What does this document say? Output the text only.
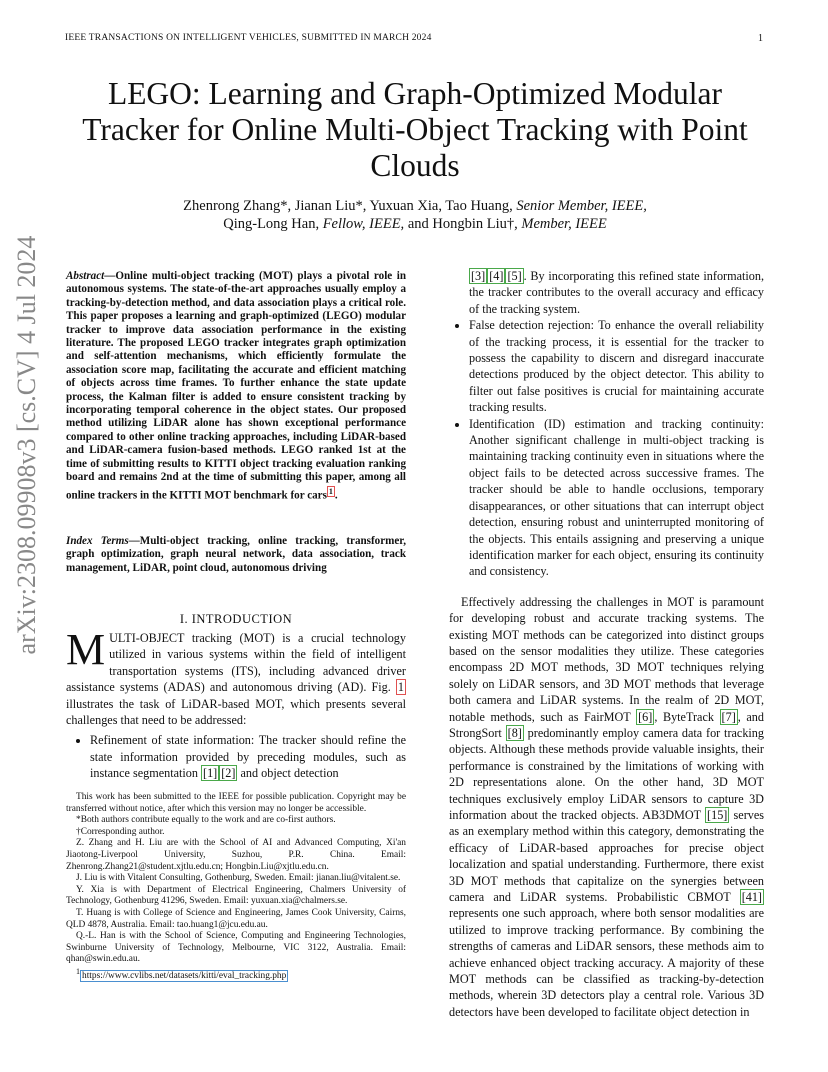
IEEE TRANSACTIONS ON INTELLIGENT VEHICLES, SUBMITTED IN MARCH 2024	1
arXiv:2308.09908v3 [cs.CV] 4 Jul 2024
LEGO: Learning and Graph-Optimized Modular Tracker for Online Multi-Object Tracking with Point Clouds
Zhenrong Zhang*, Jianan Liu*, Yuxuan Xia, Tao Huang, Senior Member, IEEE,
Qing-Long Han, Fellow, IEEE, and Hongbin Liu†, Member, IEEE
Abstract—Online multi-object tracking (MOT) plays a pivotal role in autonomous systems. The state-of-the-art approaches usually employ a tracking-by-detection method, and data association plays a critical role. This paper proposes a learning and graph-optimized (LEGO) modular tracker to improve data association performance in the existing literature. The proposed LEGO tracker integrates graph optimization and self-attention mechanisms, which efficiently formulate the association score map, facilitating the accurate and efficient matching of objects across time frames. To further enhance the state update process, the Kalman filter is added to ensure consistent tracking by incorporating temporal coherence in the object states. Our proposed method utilizing LiDAR alone has shown exceptional performance compared to other online tracking approaches, including LiDAR-based and LiDAR-camera fusion-based methods. LEGO ranked 1st at the time of submitting results to KITTI object tracking evaluation ranking board and remains 2nd at the time of submitting this paper, among all online trackers in the KITTI MOT benchmark for cars $^1$ .
Index Terms—Multi-object tracking, online tracking, transformer, graph optimization, graph neural network, data association, track management, LiDAR, point cloud, autonomous driving
I. INTRODUCTION
MULTI-OBJECT tracking (MOT) is a crucial technology utilized in various systems within the field of intelligent transportation systems (ITS), including advanced driver assistance systems (ADAS) and autonomous driving (AD). Fig. 1 illustrates the task of LiDAR-based MOT, which presents several challenges that need to be addressed:
• Refinement of state information: The tracker should refine the state information provided by preceding modules, such as instance segmentation [1] [2] and object detection

This work has been submitted to the IEEE for possible publication. Copyright may be transferred without notice, after which this version may no longer be accessible.

*Both authors contribute equally to the work and are co-first authors.

†Corresponding author.

Z. Zhang and H. Liu are with the School of AI and Advanced Computing, Xi'an Jiaotong-Liverpool University, Suzhou, P.R. China. Email: Zhenrong.Zhang21@student.xjtlu.edu.cn; Hongbin.Liu@xjtlu.edu.cn.

J. Liu is with Vitalent Consulting, Gothenburg, Sweden. Email: jianan.liu@vitalent.se.

Y. Xia is with Department of Electrical Engineering, Chalmers University of Technology, Gothenburg 41296, Sweden. Email: yuxuan.xia@chalmers.se.

T. Huang is with College of Science and Engineering, James Cook University, Cairns, QLD 4878, Australia. Email: tao.huang1@jcu.edu.au.

Q.-L. Han is with the School of Science, Computing and Engineering Technologies, Swinburne University of Technology, Melbourne, VIC 3122, Australia. Email: qhan@swin.edu.au.

$^1$ https://www.cvlibs.net/datasets/kitti/eval_tracking.php

[3] [4] [5] . By incorporating this refined state information, the tracker contributes to the overall accuracy and efficacy of the tracking system.
• False detection rejection: To enhance the overall reliability of the tracking process, it is essential for the tracker to possess the capability to discern and disregard inaccurate detections produced by the object detector. This ability to filter out false positives is crucial for maintaining accurate tracking results.
• Identification (ID) estimation and tracking continuity: Another significant challenge in multi-object tracking is maintaining tracking continuity even in situations where the object fails to be detected across successive frames. The tracker should be able to handle occlusions, temporary disappearances, or other situations that can interrupt object detection, ensuring robust and uninterrupted monitoring of the objects. This entails assigning and preserving a unique identification marker for each object, ensuring its continuity and consistency.

Effectively addressing the challenges in MOT is paramount for developing robust and accurate tracking systems. The existing MOT methods can be categorized into distinct groups based on the sensor modalities they utilize. These categories encompass 2D MOT methods, 3D MOT techniques relying solely on LiDAR sensors, and 3D MOT methods that leverage both camera and LiDAR systems. In the realm of 2D MOT, notable methods, such as FairMOT [6] , ByteTrack [7] , and StrongSort [8] predominantly employ camera data for tracking objects. Although these methods provide valuable insights, their performance is constrained by the limitations of working with 2D representations alone. On the other hand, 3D MOT techniques exclusively employ LiDAR sensors to capture 3D information about the tracked objects. AB3DMOT [15] serves as an exemplary method within this category, demonstrating the efficacy of LiDAR-based approaches for precise object localization and spatial understanding. Furthermore, there exist 3D MOT methods that capitalize on the synergies between camera and LiDAR systems. Probabilistic CBMOT [41] represents one such approach, where both sensor modalities are utilized to improve tracking performance. By combining the strengths of cameras and LiDAR sensors, these methods aim to achieve enhanced object tracking accuracy. A majority of these MOT methods can be classified as tracking-by-detection methods, wherein 3D detectors play a central role. Various 3D detectors have been developed to facilitate object detection in
